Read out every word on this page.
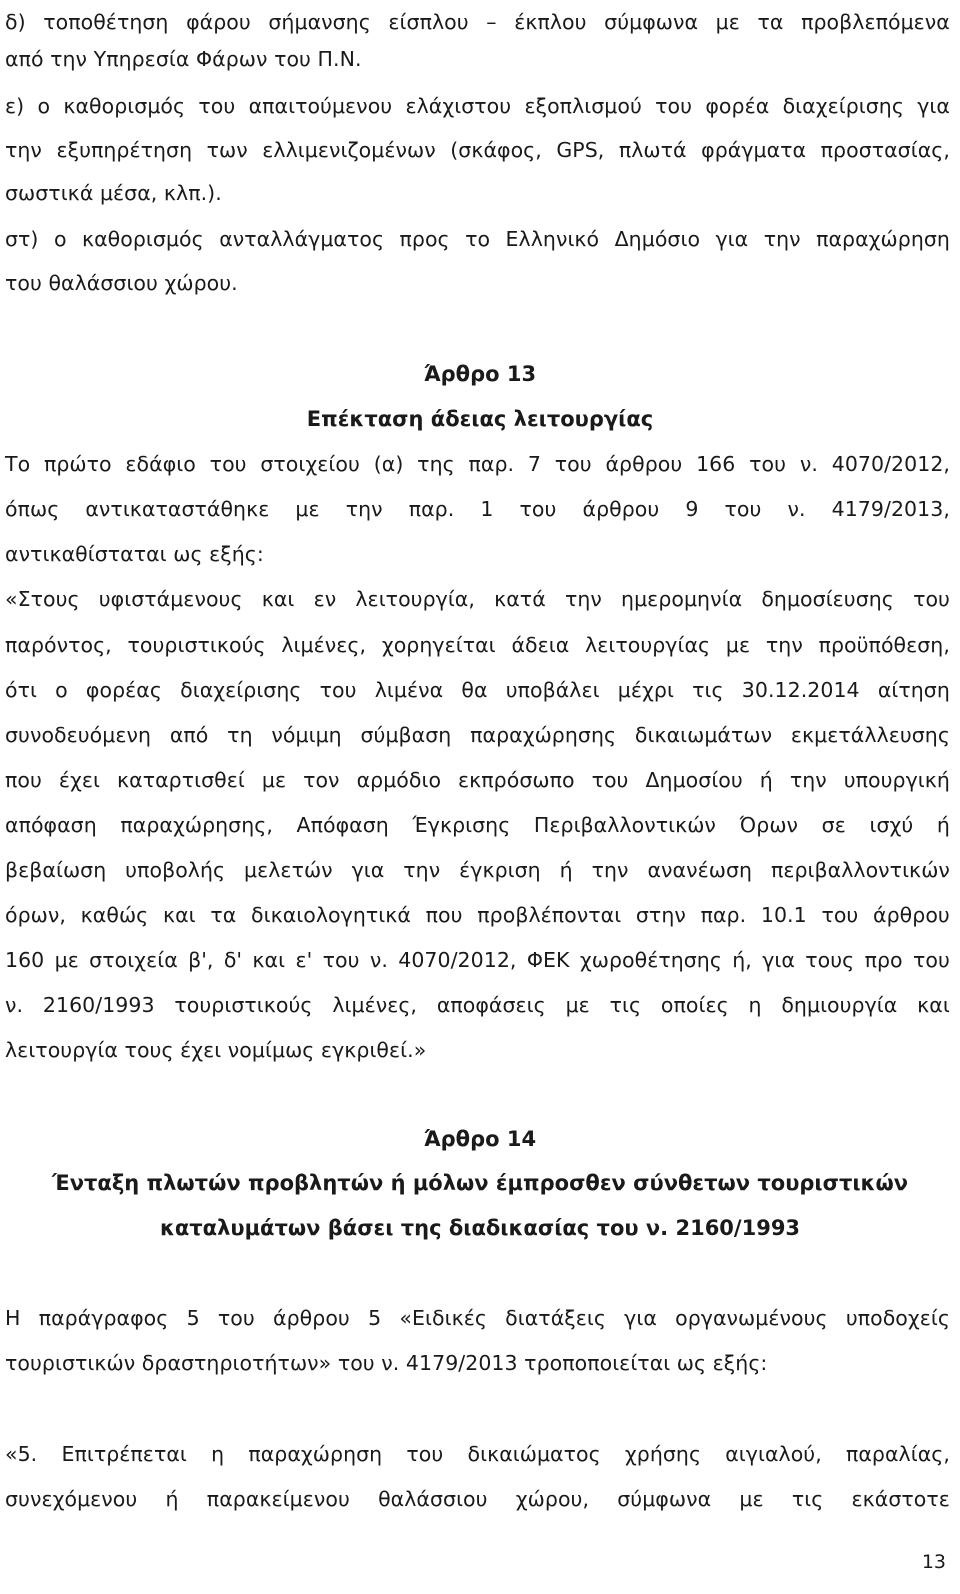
δ) τοποθέτηση φάρου σήμανσης είσπλου – έκπλου σύμφωνα με τα προβλεπόμενα
από την Υπηρεσία Φάρων του Π.Ν.
ε) ο καθορισμός του απαιτούμενου ελάχιστου εξοπλισμού του φορέα διαχείρισης για
την εξυπηρέτηση των ελλιμενιζομένων (σκάφος, GPS, πλωτά φράγματα προστασίας,
σωστικά μέσα, κλπ.).
στ) ο καθορισμός ανταλλάγματος προς το Ελληνικό Δημόσιο για την παραχώρηση
του θαλάσσιου χώρου.
Άρθρο 13
Επέκταση άδειας λειτουργίας
Το πρώτο εδάφιο του στοιχείου (α) της παρ. 7 του άρθρου 166 του ν. 4070/2012,
όπως αντικαταστάθηκε με την παρ. 1 του άρθρου 9 του ν. 4179/2013,
αντικαθίσταται ως εξής:
«Στους υφιστάμενους και εν λειτουργία, κατά την ημερομηνία δημοσίευσης του
παρόντος, τουριστικούς λιμένες, χορηγείται άδεια λειτουργίας με την προϋπόθεση,
ότι ο φορέας διαχείρισης του λιμένα θα υποβάλει μέχρι τις 30.12.2014 αίτηση
συνοδευόμενη από τη νόμιμη σύμβαση παραχώρησης δικαιωμάτων εκμετάλλευσης
που έχει καταρτισθεί με τον αρμόδιο εκπρόσωπο του Δημοσίου ή την υπουργική
απόφαση παραχώρησης, Απόφαση Έγκρισης Περιβαλλοντικών Όρων σε ισχύ ή
βεβαίωση υποβολής μελετών για την έγκριση ή την ανανέωση περιβαλλοντικών
όρων, καθώς και τα δικαιολογητικά που προβλέπονται στην παρ. 10.1 του άρθρου
160 με στοιχεία β', δ' και ε' του ν. 4070/2012, ΦΕΚ χωροθέτησης ή, για τους προ του
ν. 2160/1993 τουριστικούς λιμένες, αποφάσεις με τις οποίες η δημιουργία και
λειτουργία τους έχει νομίμως εγκριθεί.»
Άρθρο 14
Ένταξη πλωτών προβλητών ή μόλων έμπροσθεν σύνθετων τουριστικών
καταλυμάτων βάσει της διαδικασίας του ν. 2160/1993
Η παράγραφος 5 του άρθρου 5 «Ειδικές διατάξεις για οργανωμένους υποδοχείς
τουριστικών δραστηριοτήτων» του ν. 4179/2013 τροποποιείται ως εξής:
«5. Επιτρέπεται η παραχώρηση του δικαιώματος χρήσης αιγιαλού, παραλίας,
συνεχόμενου ή παρακείμενου θαλάσσιου χώρου, σύμφωνα με τις εκάστοτε
13
